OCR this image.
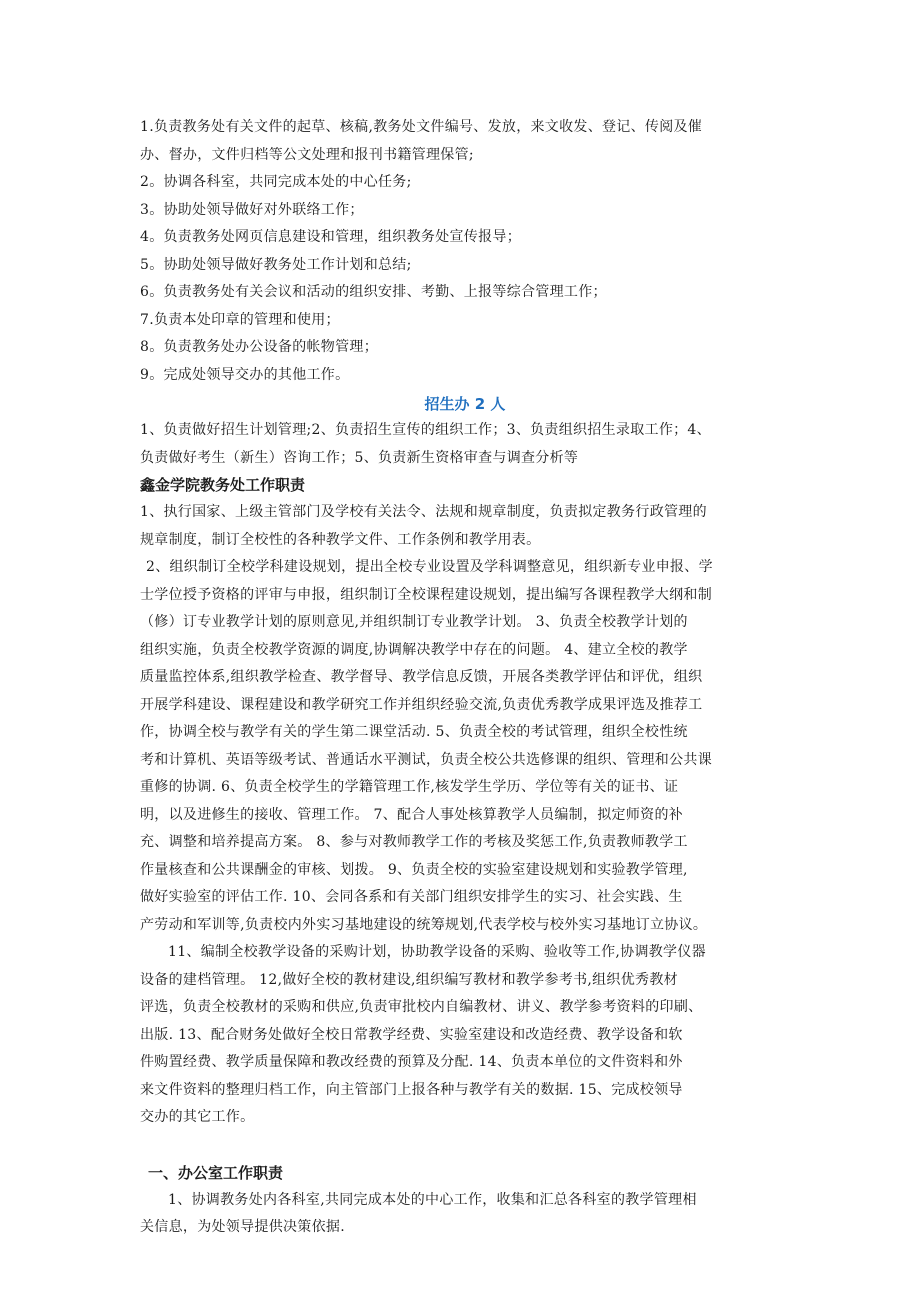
1.负责教务处有关文件的起草、核稿,教务处文件编号、发放，来文收发、登记、传阅及催
办、督办，文件归档等公文处理和报刊书籍管理保管;
2。协调各科室，共同完成本处的中心任务;
3。协助处领导做好对外联络工作；
4。负责教务处网页信息建设和管理，组织教务处宣传报导；
5。协助处领导做好教务处工作计划和总结;
6。负责教务处有关会议和活动的组织安排、考勤、上报等综合管理工作；
7.负责本处印章的管理和使用；
8。负责教务处办公设备的帐物管理；
9。完成处领导交办的其他工作。
招生办 2 人
1、负责做好招生计划管理;2、负责招生宣传的组织工作；3、负责组织招生录取工作；4、
负责做好考生（新生）咨询工作；5、负责新生资格审查与调查分析等
鑫金学院教务处工作职责
1、执行国家、上级主管部门及学校有关法令、法规和规章制度，负责拟定教务行政管理的
规章制度，制订全校性的各种教学文件、工作条例和教学用表。
2、组织制订全校学科建设规划，提出全校专业设置及学科调整意见，组织新专业申报、学
士学位授予资格的评审与申报，组织制订全校课程建设规划，提出编写各课程教学大纲和制
（修）订专业教学计划的原则意见,并组织制订专业教学计划。 3、负责全校教学计划的
组织实施，负责全校教学资源的调度,协调解决教学中存在的问题。 4、建立全校的教学
质量监控体系,组织教学检查、教学督导、教学信息反馈，开展各类教学评估和评优，组织
开展学科建设、课程建设和教学研究工作并组织经验交流,负责优秀教学成果评选及推荐工
作，协调全校与教学有关的学生第二课堂活动. 5、负责全校的考试管理，组织全校性统
考和计算机、英语等级考试、普通话水平测试，负责全校公共选修课的组织、管理和公共课
重修的协调. 6、负责全校学生的学籍管理工作,核发学生学历、学位等有关的证书、证
明，以及进修生的接收、管理工作。 7、配合人事处核算教学人员编制，拟定师资的补
充、调整和培养提高方案。 8、参与对教师教学工作的考核及奖惩工作,负责教师教学工
作量核查和公共课酬金的审核、划拨。 9、负责全校的实验室建设规划和实验教学管理,
做好实验室的评估工作. 10、会同各系和有关部门组织安排学生的实习、社会实践、生
产劳动和军训等,负责校内外实习基地建设的统筹规划,代表学校与校外实习基地订立协议。
11、编制全校教学设备的采购计划，协助教学设备的采购、验收等工作,协调教学仪器
设备的建档管理。 12,做好全校的教材建设,组织编写教材和教学参考书,组织优秀教材
评选，负责全校教材的采购和供应,负责审批校内自编教材、讲义、教学参考资料的印刷、
出版. 13、配合财务处做好全校日常教学经费、实验室建设和改造经费、教学设备和软
件购置经费、教学质量保障和教改经费的预算及分配. 14、负责本单位的文件资料和外
来文件资料的整理归档工作，向主管部门上报各种与教学有关的数据. 15、完成校领导
交办的其它工作。
一、办公室工作职责
1、协调教务处内各科室,共同完成本处的中心工作，收集和汇总各科室的教学管理相
关信息，为处领导提供决策依据.
